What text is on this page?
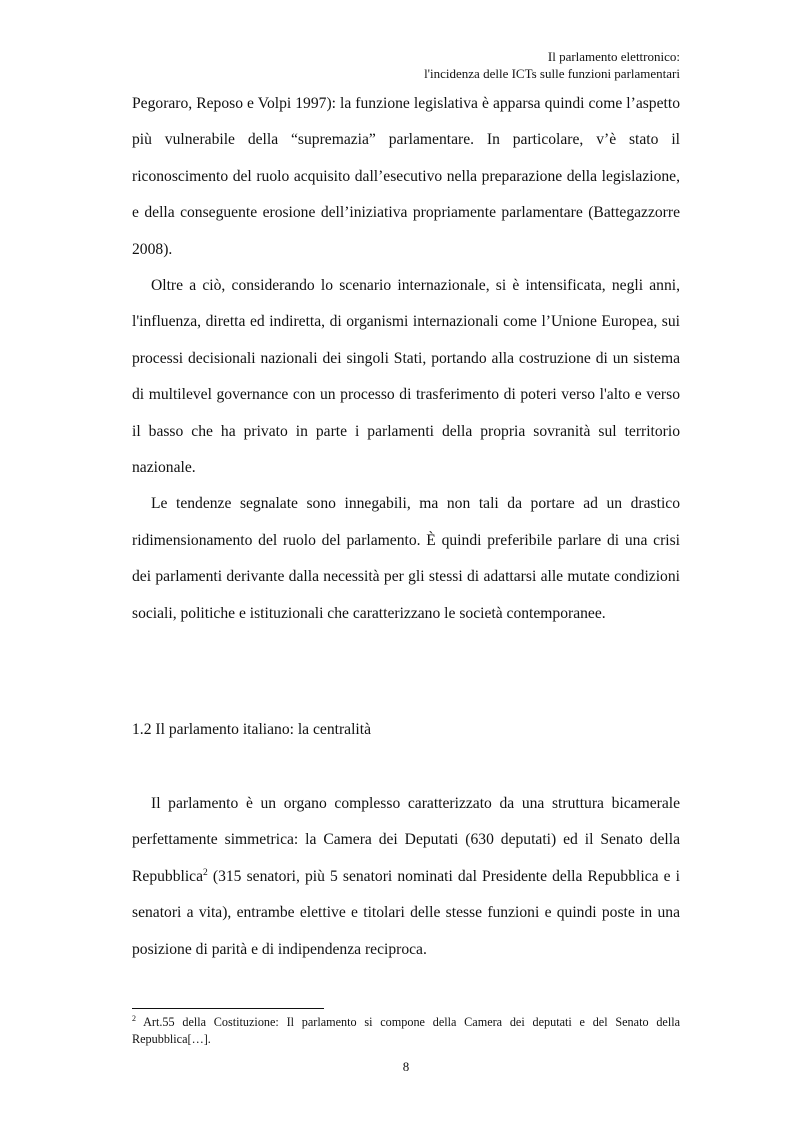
Il parlamento elettronico:
l'incidenza delle ICTs sulle funzioni parlamentari

Pegoraro, Reposo e Volpi 1997): la funzione legislativa è apparsa quindi come l’aspetto più vulnerabile della “supremazia” parlamentare. In particolare, v’è stato il riconoscimento del ruolo acquisito dall’esecutivo nella preparazione della legislazione, e della conseguente erosione dell’iniziativa propriamente parlamentare (Battegazzorre 2008).

Oltre a ciò, considerando lo scenario internazionale, si è intensificata, negli anni, l'influenza, diretta ed indiretta, di organismi internazionali come l’Unione Europea, sui processi decisionali nazionali dei singoli Stati, portando alla costruzione di un sistema di multilevel governance con un processo di trasferimento di poteri verso l'alto e verso il basso che ha privato in parte i parlamenti della propria sovranità sul territorio nazionale.

Le tendenze segnalate sono innegabili, ma non tali da portare ad un drastico ridimensionamento del ruolo del parlamento. È quindi preferibile parlare di una crisi dei parlamenti derivante dalla necessità per gli stessi di adattarsi alle mutate condizioni sociali, politiche e istituzionali che caratterizzano le società contemporanee.

1.2 Il parlamento italiano: la centralità

Il parlamento è un organo complesso caratterizzato da una struttura bicamerale perfettamente simmetrica: la Camera dei Deputati (630 deputati) ed il Senato della Repubblica$^2$ (315 senatori, più 5 senatori nominati dal Presidente della Repubblica e i senatori a vita), entrambe elettive e titolari delle stesse funzioni e quindi poste in una posizione di parità e di indipendenza reciproca.

$^2$ Art.55 della Costituzione: Il parlamento si compone della Camera dei deputati e del Senato della Repubblica[…].
8
